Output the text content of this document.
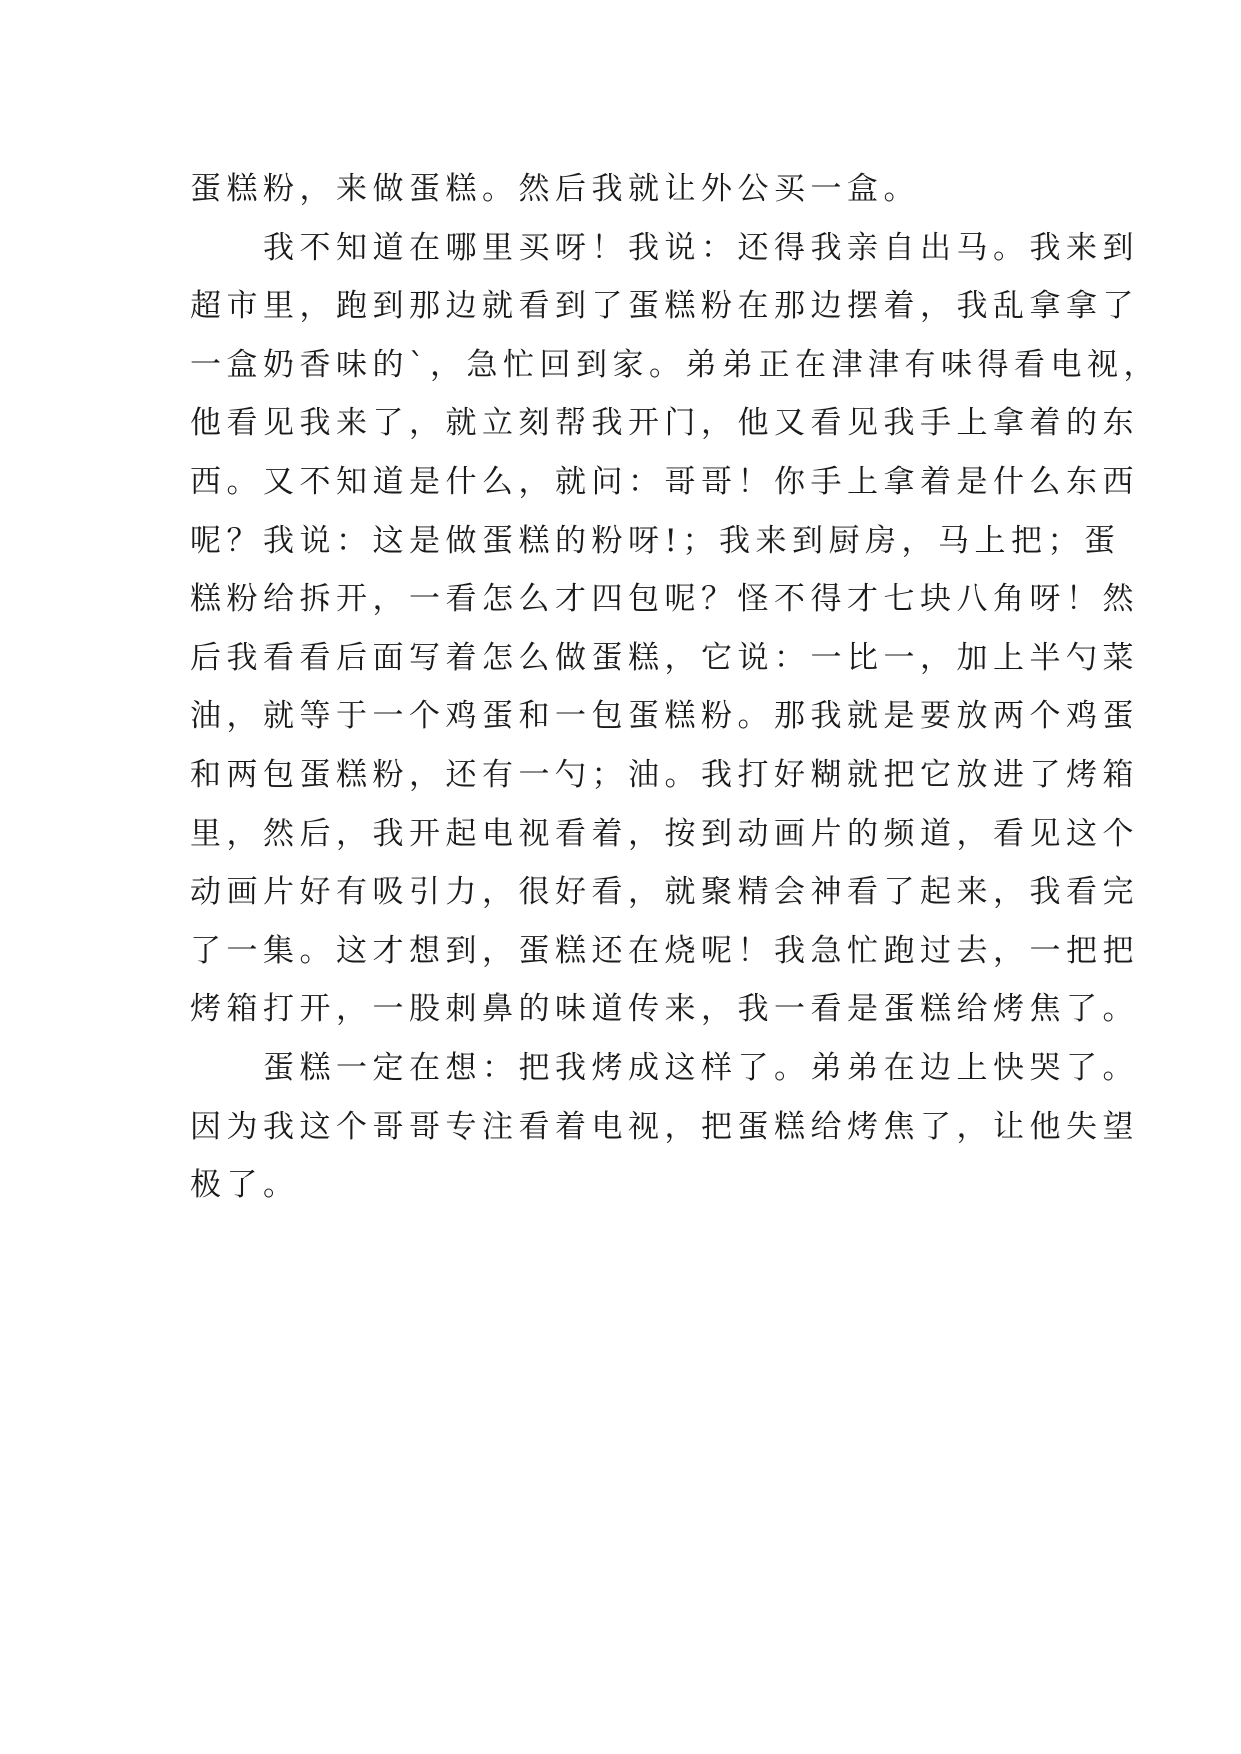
蛋糕粉，来做蛋糕。然后我就让外公买一盒。
　　我不知道在哪里买呀！我说：还得我亲自出马。我来到
超市里，跑到那边就看到了蛋糕粉在那边摆着，我乱拿拿了
一盒奶香味的`，急忙回到家。弟弟正在津津有味得看电视，
他看见我来了，就立刻帮我开门，他又看见我手上拿着的东
西。又不知道是什么，就问：哥哥！你手上拿着是什么东西
呢？我说：这是做蛋糕的粉呀!；我来到厨房，马上把；蛋
糕粉给拆开，一看怎么才四包呢？怪不得才七块八角呀！然
后我看看后面写着怎么做蛋糕，它说：一比一，加上半勺菜
油，就等于一个鸡蛋和一包蛋糕粉。那我就是要放两个鸡蛋
和两包蛋糕粉，还有一勺；油。我打好糊就把它放进了烤箱
里，然后，我开起电视看着，按到动画片的频道，看见这个
动画片好有吸引力，很好看，就聚精会神看了起来，我看完
了一集。这才想到，蛋糕还在烧呢！我急忙跑过去，一把把
烤箱打开，一股刺鼻的味道传来，我一看是蛋糕给烤焦了。
　　蛋糕一定在想：把我烤成这样了。弟弟在边上快哭了。
因为我这个哥哥专注看着电视，把蛋糕给烤焦了，让他失望
极了。
